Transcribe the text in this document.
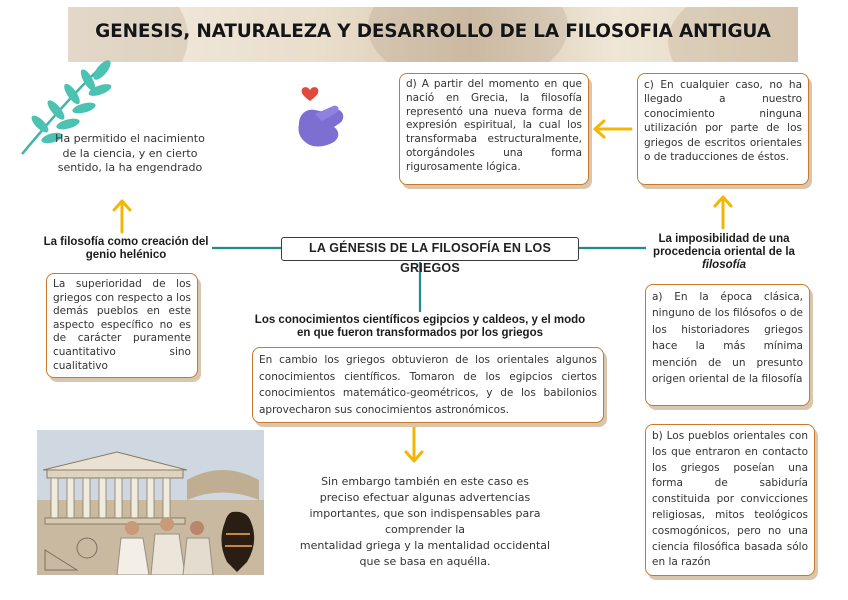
GENESIS, NATURALEZA Y DESARROLLO DE LA FILOSOFIA ANTIGUA
Ha permitido el nacimiento de la ciencia, y en cierto sentido, la ha engendrado
La filosofía como creación del genio helénico
La superioridad de los griegos con respecto a los demás pueblos en este aspecto específico no es de carácter puramente cuantitativo sino cualitativo
LA GÉNESIS DE LA FILOSOFÍA EN LOS GRIEGOS
La imposibilidad de una
procedencia oriental de la
filosofía
d) A partir del momento en que nació en Grecia, la filosofía representó una nueva forma de expresión espiritual, la cual los transformaba estructuralmente, otorgándoles una forma rigurosamente lógica.
c) En cualquier caso, no ha llegado a nuestro conocimiento ninguna utilización por parte de los griegos de escritos orientales o de traducciones de éstos.
a) En la época clásica, ninguno de los filósofos o de los historiadores griegos hace la más mínima mención de un presunto origen oriental de la filosofía
b) Los pueblos orientales con los que entraron en contacto los griegos poseían una forma de sabiduría constituida por convicciones religiosas, mitos teológicos cosmogónicos, pero no una ciencia filosófica basada sólo en la razón
Los conocimientos científicos egipcios y caldeos, y el modo en que fueron transformados por los griegos
En cambio los griegos obtuvieron de los orientales algunos conocimientos científicos. Tomaron de los egipcios ciertos conocimientos matemático-geométricos, y de los babilonios aprovecharon sus conocimientos astronómicos.
Sin embargo también en este caso es
preciso efectuar algunas advertencias
importantes, que son indispensables para
comprender la
mentalidad griega y la mentalidad occidental
que se basa en aquélla.
